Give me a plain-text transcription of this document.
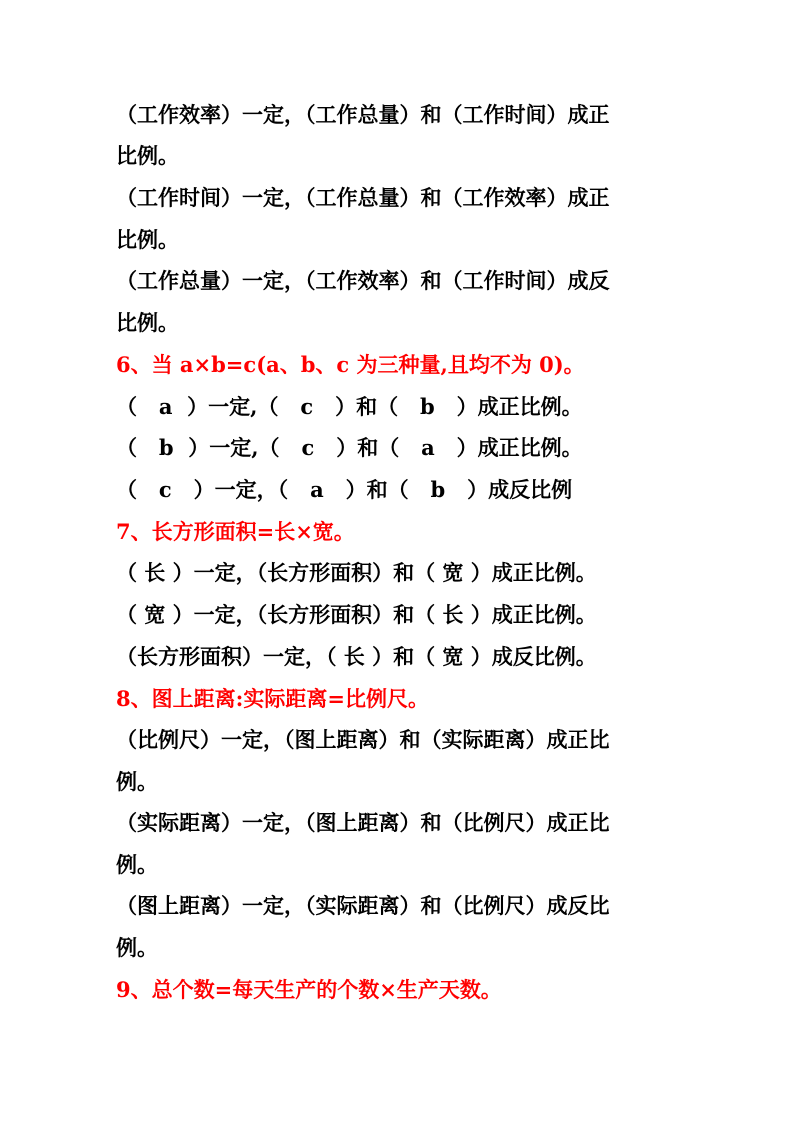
（工作效率）一定，（工作总量）和（工作时间）成正
比例。
（工作时间）一定，（工作总量）和（工作效率）成正
比例。
（工作总量）一定，（工作效率）和（工作时间）成反
比例。
6、当 a×b=c(a、b、c 为三种量,且均不为 0)。
（   a  ）一定,（   c   ）和（   b   ）成正比例。
（   b  ）一定,（   c   ）和（   a   ）成正比例。
（   c   ）一定，（   a   ）和（   b   ）成反比例
7、长方形面积=长×宽。
（ 长 ）一定，（长方形面积）和（ 宽 ）成正比例。
（ 宽 ）一定，（长方形面积）和（ 长 ）成正比例。
（长方形面积）一定，（ 长 ）和（ 宽 ）成反比例。
8、图上距离:实际距离=比例尺。
（比例尺）一定，（图上距离）和（实际距离）成正比
例。
（实际距离）一定，（图上距离）和（比例尺）成正比
例。
（图上距离）一定，（实际距离）和（比例尺）成反比
例。
9、总个数=每天生产的个数×生产天数。
